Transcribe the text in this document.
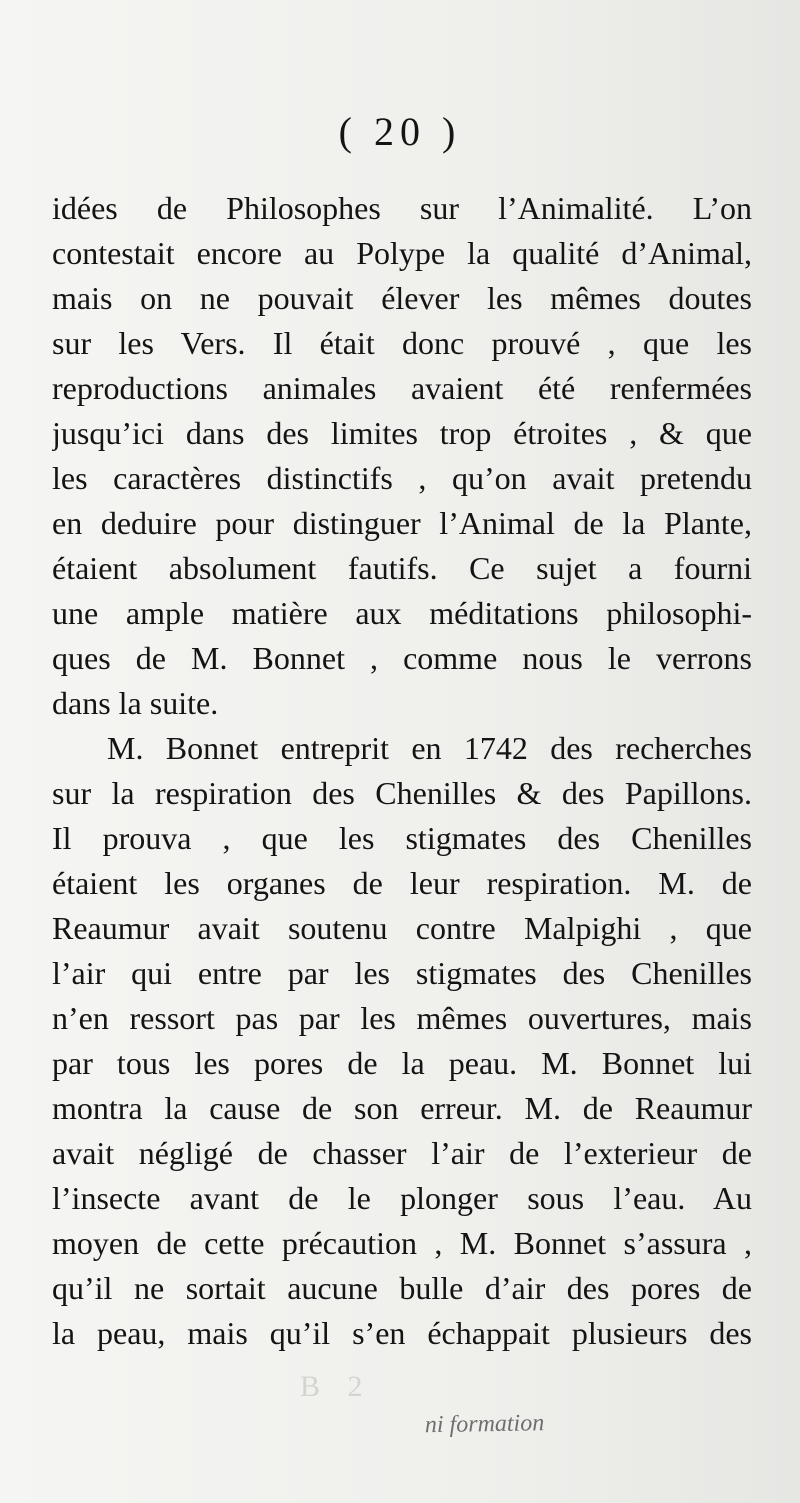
( 20 )
idées de Philosophes sur l’Animalité. L’on
contestait encore au Polype la qualité d’Animal,
mais on ne pouvait élever les mêmes doutes
sur les Vers. Il était donc prouvé , que les
reproductions animales avaient été renfermées
jusqu’ici dans des limites trop étroites , & que
les caractères distinctifs , qu’on avait pretendu
en deduire pour distinguer l’Animal de la Plante,
étaient absolument fautifs. Ce sujet a fourni
une ample matière aux méditations philosophi-
ques de M. Bonnet , comme nous le verrons
dans la suite.
M. Bonnet entreprit en 1742 des recherches
sur la respiration des Chenilles & des Papillons.
Il prouva , que les stigmates des Chenilles
étaient les organes de leur respiration. M. de
Reaumur avait soutenu contre Malpighi , que
l’air qui entre par les stigmates des Chenilles
n’en ressort pas par les mêmes ouvertures, mais
par tous les pores de la peau. M. Bonnet lui
montra la cause de son erreur. M. de Reaumur
avait négligé de chasser l’air de l’exterieur de
l’insecte avant de le plonger sous l’eau. Au
moyen de cette précaution , M. Bonnet s’assura ,
qu’il ne sortait aucune bulle d’air des pores de
la peau, mais qu’il s’en échappait plusieurs des
B 2
ni formation
